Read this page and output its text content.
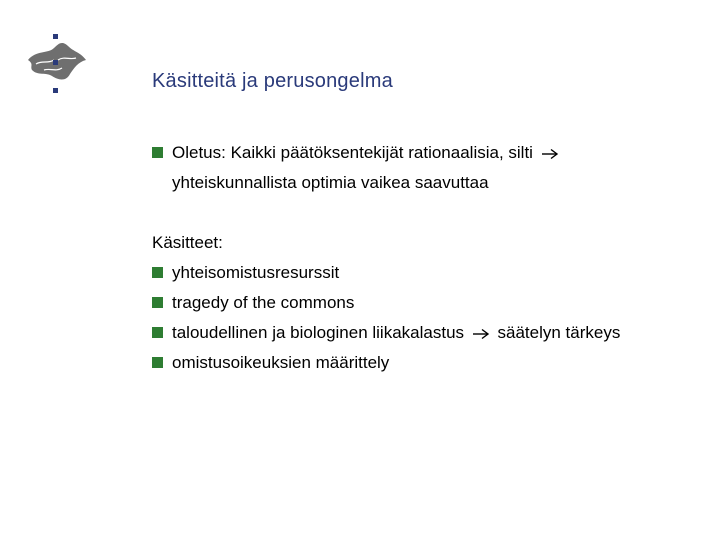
Käsitteitä ja perusongelma
Oletus: Kaikki päätöksentekijät rationaalisia, silti
yhteiskunnallista optimia vaikea saavuttaa
Käsitteet:
yhteisomistusresurssit
tragedy of the commons
taloudellinen ja biologinen liikakalastus säätelyn tärkeys
omistusoikeuksien määrittely
